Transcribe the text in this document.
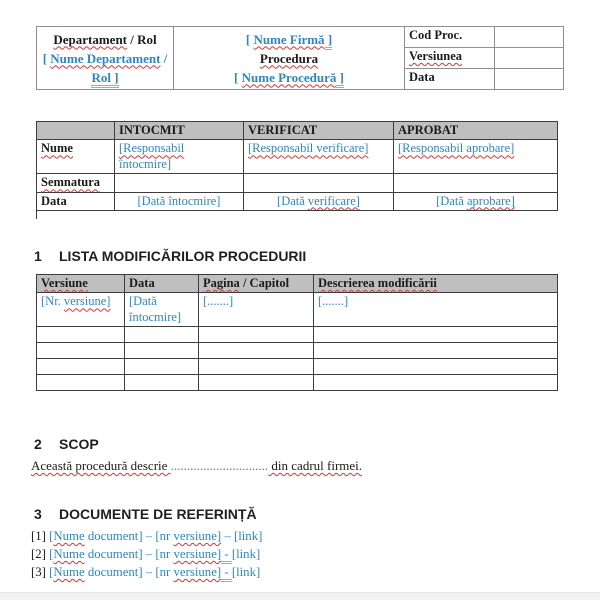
Departament / Rol
[ Nume Departament / Rol ]

[ Nume Firmă ]
Procedura
[ Nume Procedură ]
	Cod Proc.	
		Versiunea	
		Data	
	INTOCMIT	VERIFICAT	APROBAT
Nume	[Responsabil întocmire]	[Responsabil verificare]	[Responsabil aprobare]
Semnatura			
Data	[Dată întocmire]	[Dată verificare]	[Dată aprobare]
1 LISTA MODIFICĂRILOR PROCEDURII
Versiune	Data	Pagina / Capitol	Descrierea modificării
[Nr. versiune]	[Dată întocmire]	[.......]	[.......]

2 SCOP
Această procedură descrie .............................. din cadrul firmei.
3 DOCUMENTE DE REFERINȚĂ
[1] [Nume document] – [nr versiune] – [link]
[2] [Nume document] – [nr versiune] - [link]
[3] [Nume document] – [nr versiune] - [link]
